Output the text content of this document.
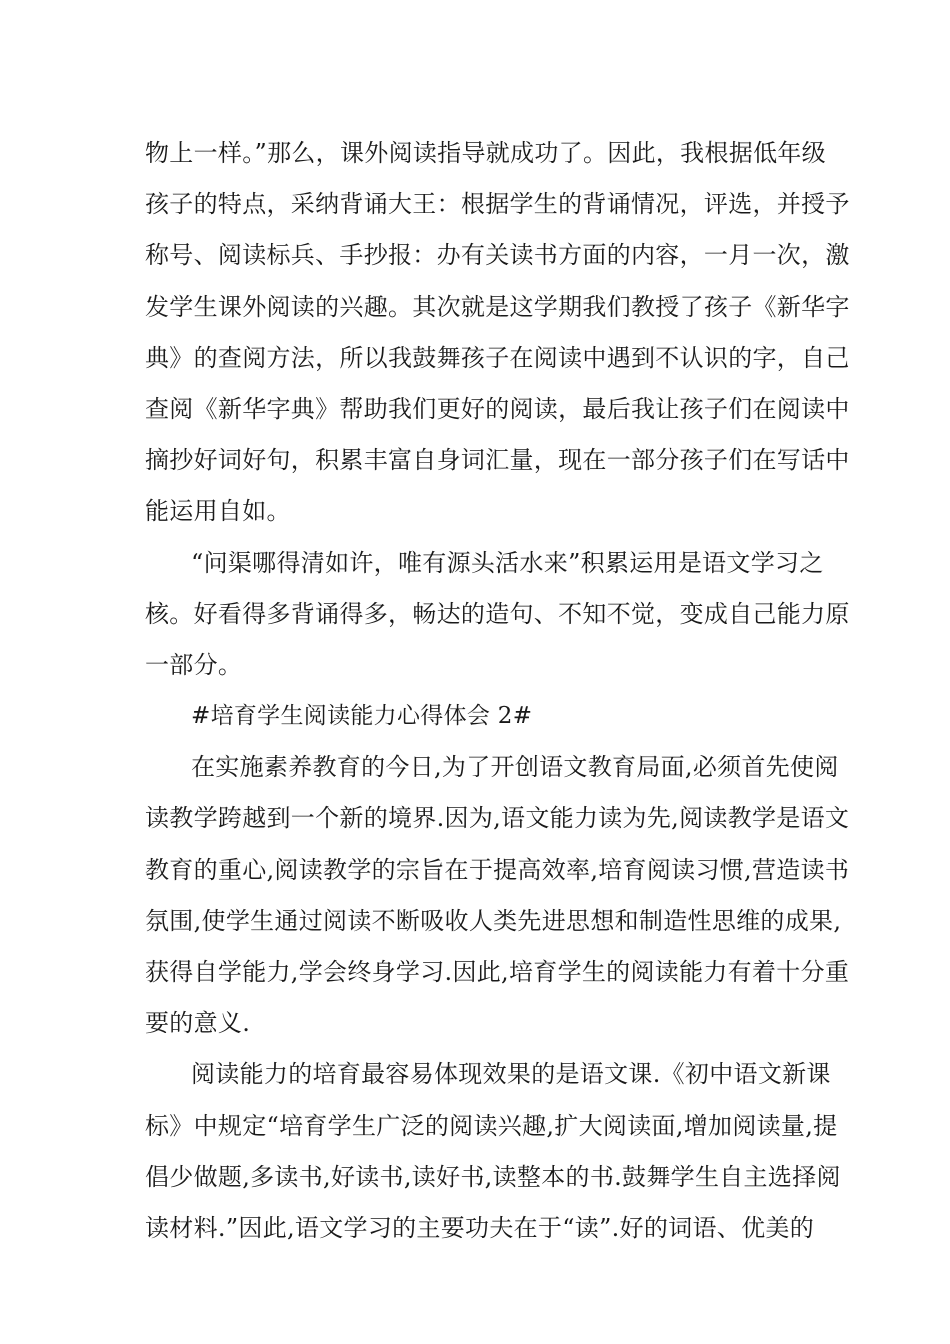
物上一样。”那么，课外阅读指导就成功了。因此，我根据低年级
孩子的特点，采纳背诵大王：根据学生的背诵情况，评选，并授予
称号、阅读标兵、手抄报：办有关读书方面的内容，一月一次，激
发学生课外阅读的兴趣。其次就是这学期我们教授了孩子《新华字
典》的查阅方法，所以我鼓舞孩子在阅读中遇到不认识的字，自己
查阅《新华字典》帮助我们更好的阅读，最后我让孩子们在阅读中
摘抄好词好句，积累丰富自身词汇量，现在一部分孩子们在写话中
能运用自如。
“问渠哪得清如许，唯有源头活水来”积累运用是语文学习之
核。好看得多背诵得多，畅达的造句、不知不觉，变成自己能力原
一部分。
#培育学生阅读能力心得体会 2#
在实施素养教育的今日,为了开创语文教育局面,必须首先使阅
读教学跨越到一个新的境界.因为,语文能力读为先,阅读教学是语文
教育的重心,阅读教学的宗旨在于提高效率,培育阅读习惯,营造读书
氛围,使学生通过阅读不断吸收人类先进思想和制造性思维的成果,
获得自学能力,学会终身学习.因此,培育学生的阅读能力有着十分重
要的意义.
阅读能力的培育最容易体现效果的是语文课.《初中语文新课
标》中规定“培育学生广泛的阅读兴趣,扩大阅读面,增加阅读量,提
倡少做题,多读书,好读书,读好书,读整本的书.鼓舞学生自主选择阅
读材料.”因此,语文学习的主要功夫在于“读”.好的词语、优美的
